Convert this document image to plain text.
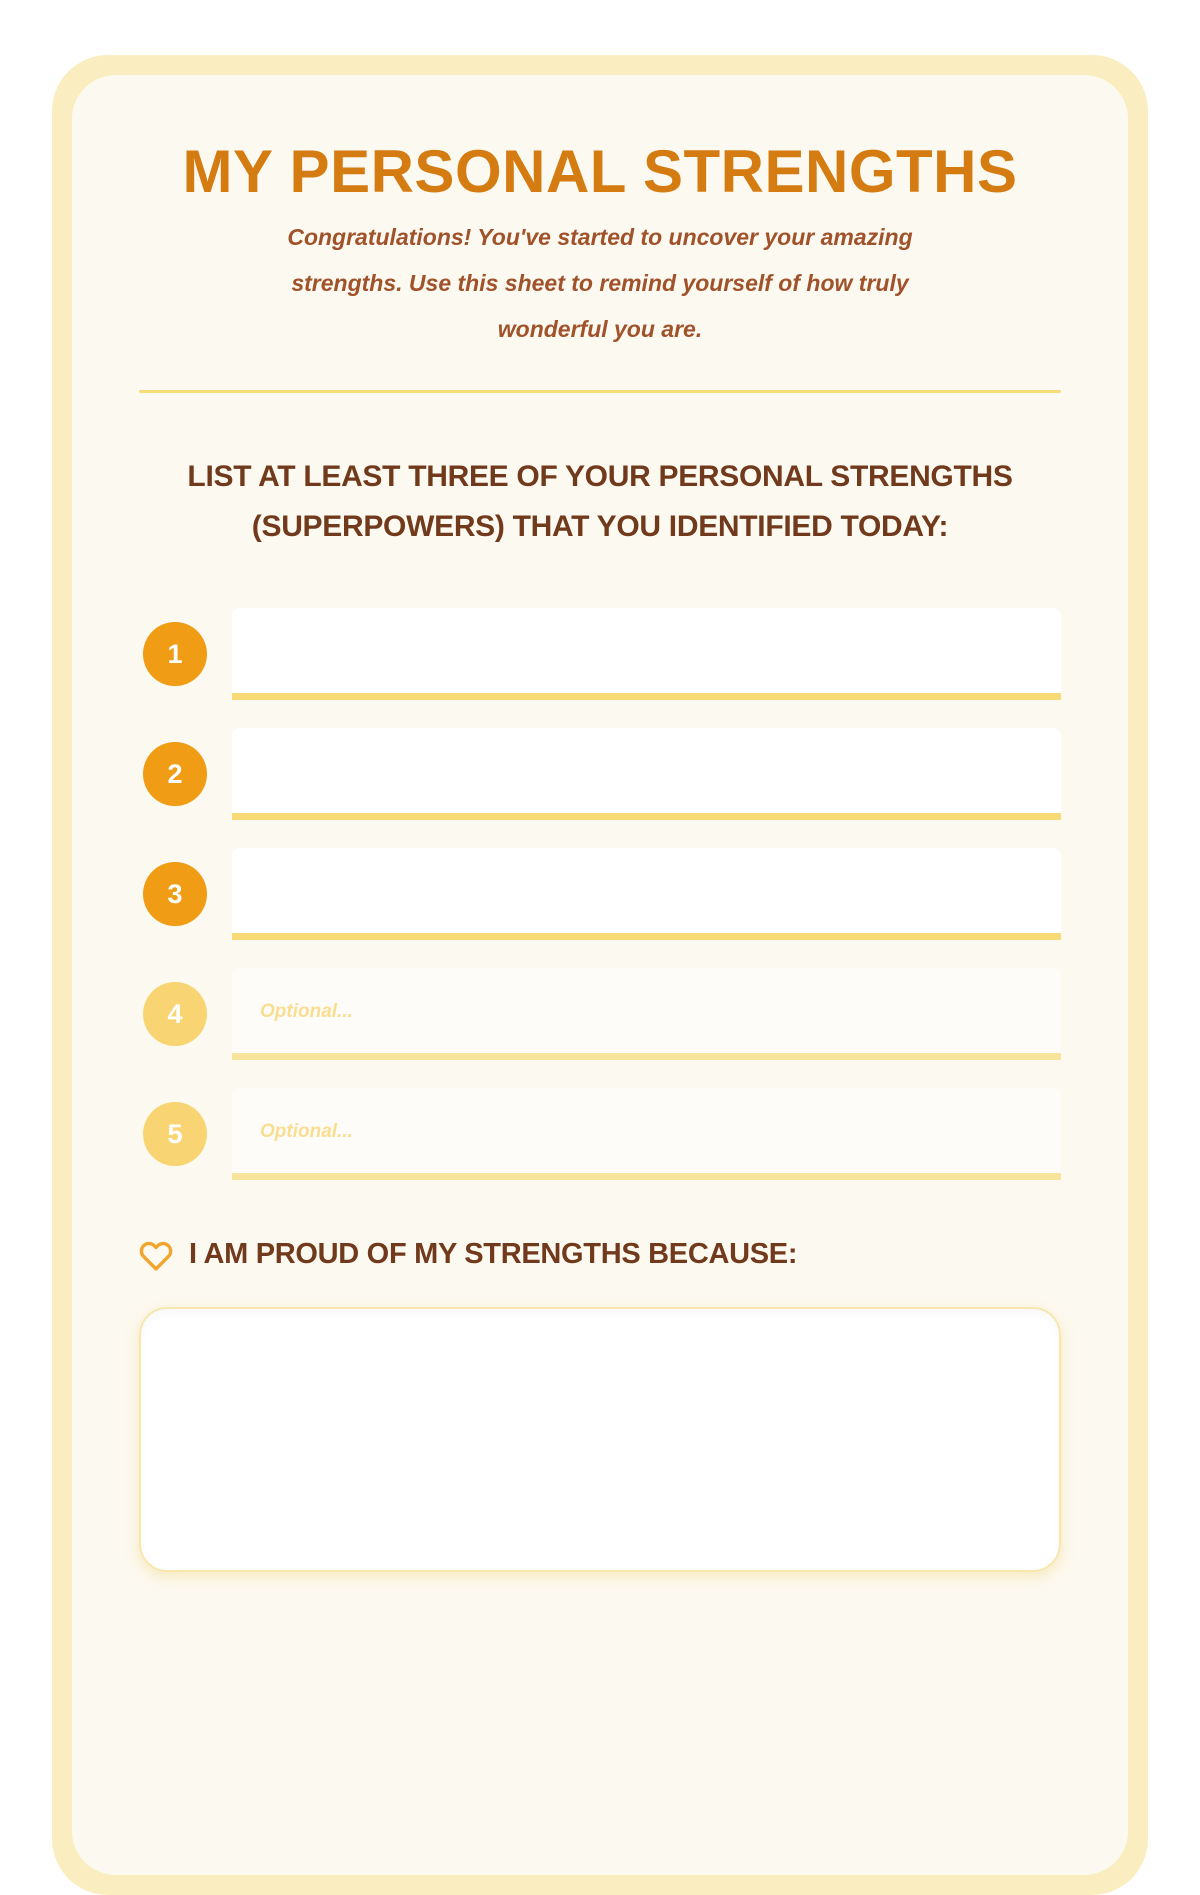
MY PERSONAL STRENGTHS
Congratulations! You've started to uncover your amazing
strengths. Use this sheet to remind yourself of how truly
wonderful you are.
LIST AT LEAST THREE OF YOUR PERSONAL STRENGTHS
(SUPERPOWERS) THAT YOU IDENTIFIED TODAY:
1
2
3
4
Optional...
5
Optional...
I AM PROUD OF MY STRENGTHS BECAUSE:
